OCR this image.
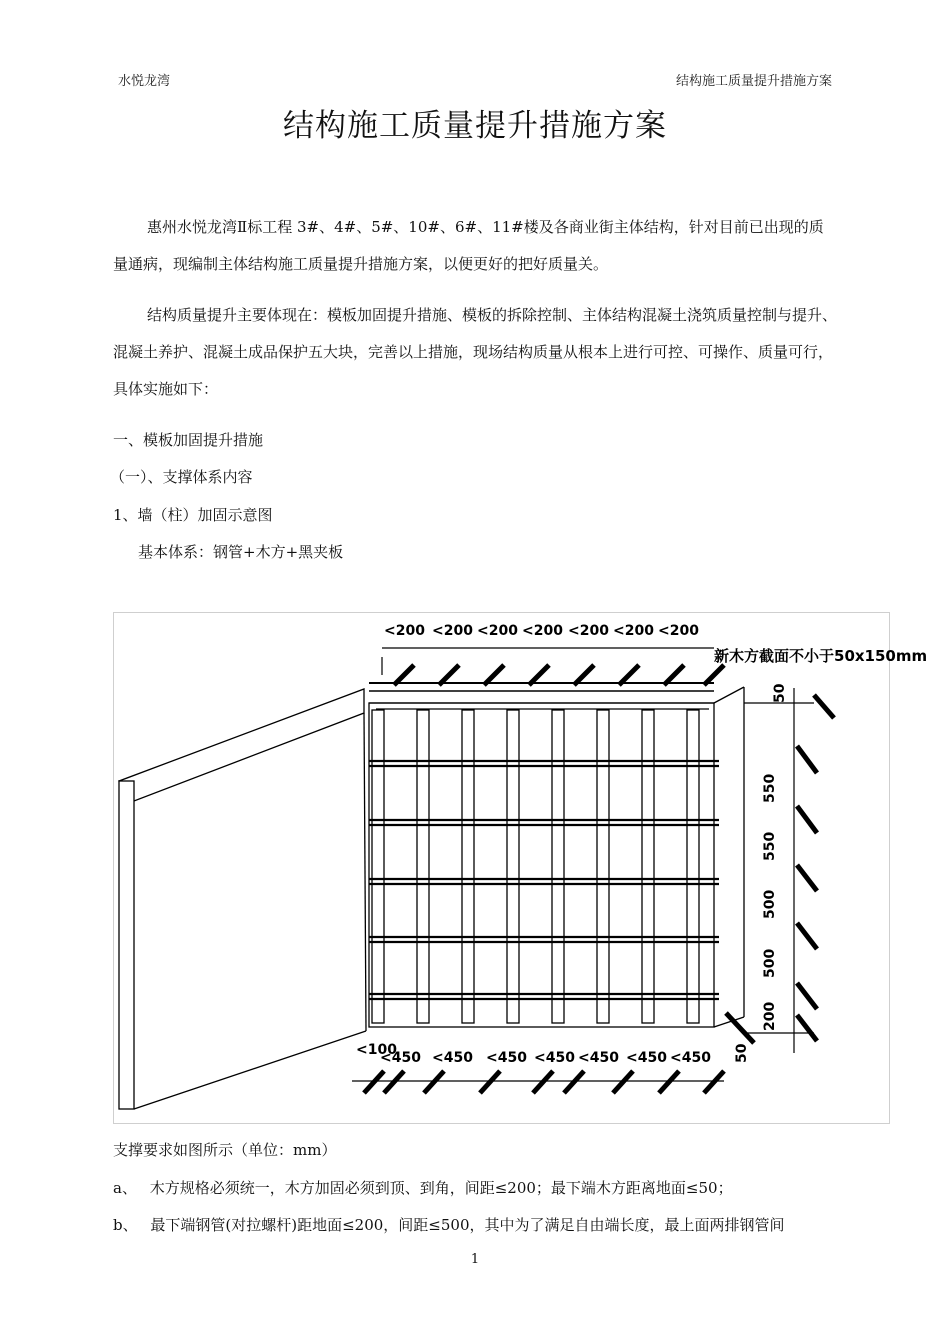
水悦龙湾	结构施工质量提升措施方案
结构施工质量提升措施方案
惠州水悦龙湾Ⅱ标工程 3#、4#、5#、10#、6#、11#楼及各商业街主体结构，针对目前已出现的质量通病，现编制主体结构施工质量提升措施方案，以便更好的把好质量关。
结构质量提升主要体现在：模板加固提升措施、模板的拆除控制、主体结构混凝土浇筑质量控制与提升、混凝土养护、混凝土成品保护五大块，完善以上措施，现场结构质量从根本上进行可控、可操作、质量可行，具体实施如下：
一、模板加固提升措施
（一）、支撑体系内容
1、墙（柱）加固示意图
基本体系：钢管+木方+黑夹板
<200 <200 <200 <200 <200 <200 <200
新木方截面不小于50x150mm
50
550
550
500
500
200
50
<100
<450 <450 <450 <450 <450 <450 <450
支撑要求如图所示（单位：mm）
a、 木方规格必须统一，木方加固必须到顶、到角，间距≤200；最下端木方距离地面≤50；
b、 最下端钢管(对拉螺杆)距地面≤200，间距≤500，其中为了满足自由端长度，最上面两排钢管间
1
